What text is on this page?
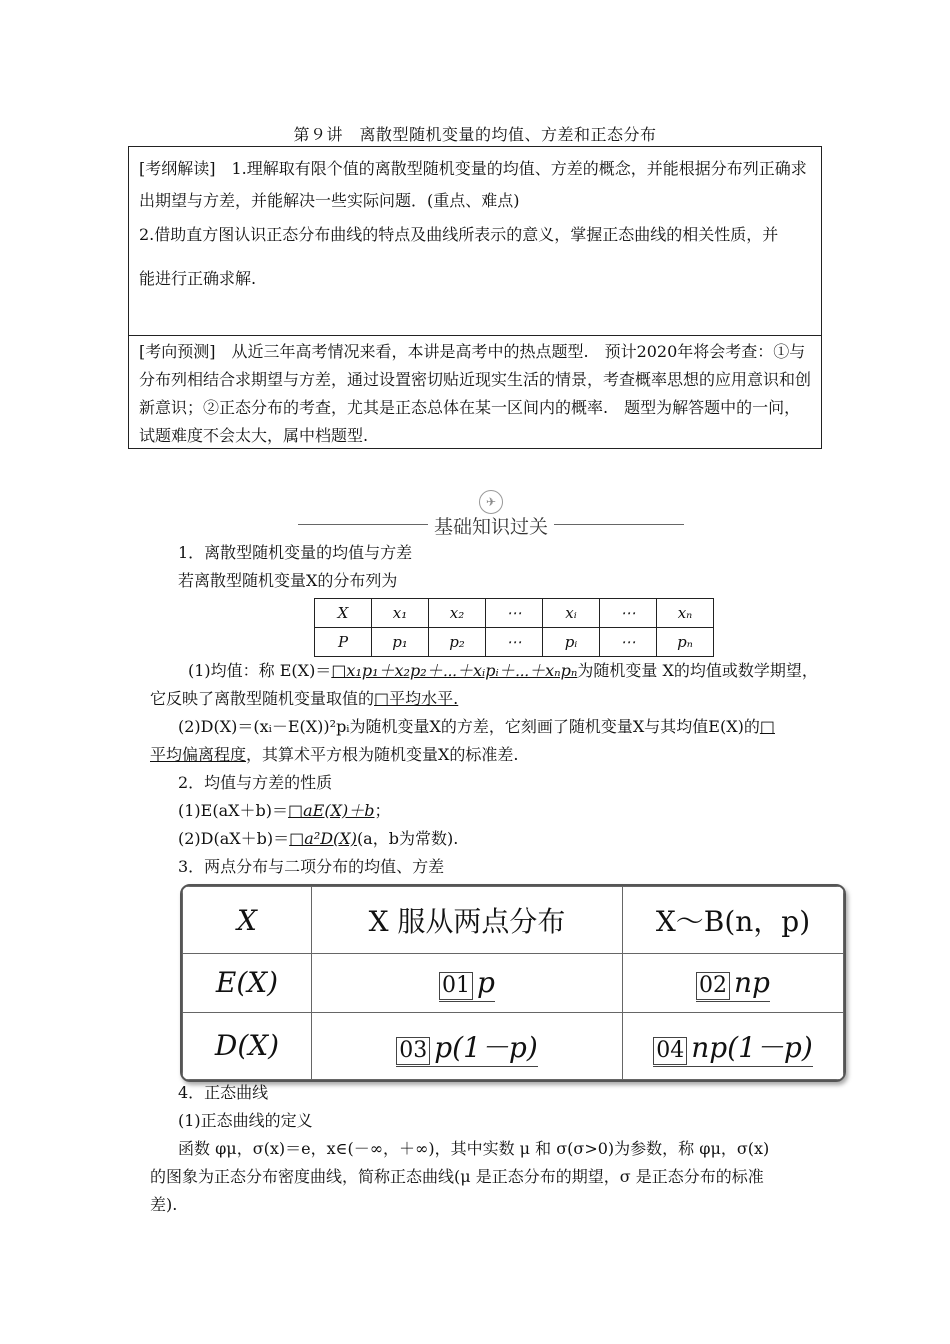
第９讲　离散型随机变量的均值、方差和正态分布

[考纲解读]　1.理解取有限个值的离散型随机变量的均值、方差的概念，并能根据分布列正确求出期望与方差，并能解决一些实际问题．(重点、难点)

2.借助直方图认识正态分布曲线的特点及曲线所表示的意义，掌握正态曲线的相关性质，并

能进行正确求解.

[考向预测]　从近三年高考情况来看，本讲是高考中的热点题型.　预计2020年将会考查：①与分布列相结合求期望与方差，通过设置密切贴近现实生活的情景，考查概率思想的应用意识和创新意识；②正态分布的考查，尤其是正态总体在某一区间内的概率.　题型为解答题中的一问，试题难度不会太大，属中档题型.

✈
基础知识过关
1．离散型随机变量的均值与方差
若离散型随机变量X的分布列为
X	x₁	x₂	⋯	xᵢ	⋯	xₙ
P	p₁	p₂	⋯	pᵢ	⋯	pₙ
(1)均值：称 E(X)＝□x₁p₁＋x₂p₂＋⋯＋xᵢpᵢ＋⋯＋xₙpₙ为随机变量 X的均值或数学期望，
它反映了离散型随机变量取值的□平均水平.
(2)D(X)＝(xᵢ－E(X))²pᵢ为随机变量X的方差，它刻画了随机变量X与其均值E(X)的□
平均偏离程度，其算术平方根为随机变量X的标准差.
2．均值与方差的性质
(1)E(aX＋b)＝□aE(X)＋b；
(2)D(aX＋b)＝□a²D(X)(a，b为常数).
3．两点分布与二项分布的均值、方差
X	X 服从两点分布	X～B(n，p)
E(X)	01 p	02 np
D(X)	03 p(1－p)	04 np(1－p)
4．正态曲线
(1)正态曲线的定义
函数 φμ，σ(x)＝e，x∈(－∞，＋∞)，其中实数 μ 和 σ(σ>0)为参数，称 φμ，σ(x)
的图象为正态分布密度曲线，简称正态曲线(μ 是正态分布的期望，σ 是正态分布的标准
差).
